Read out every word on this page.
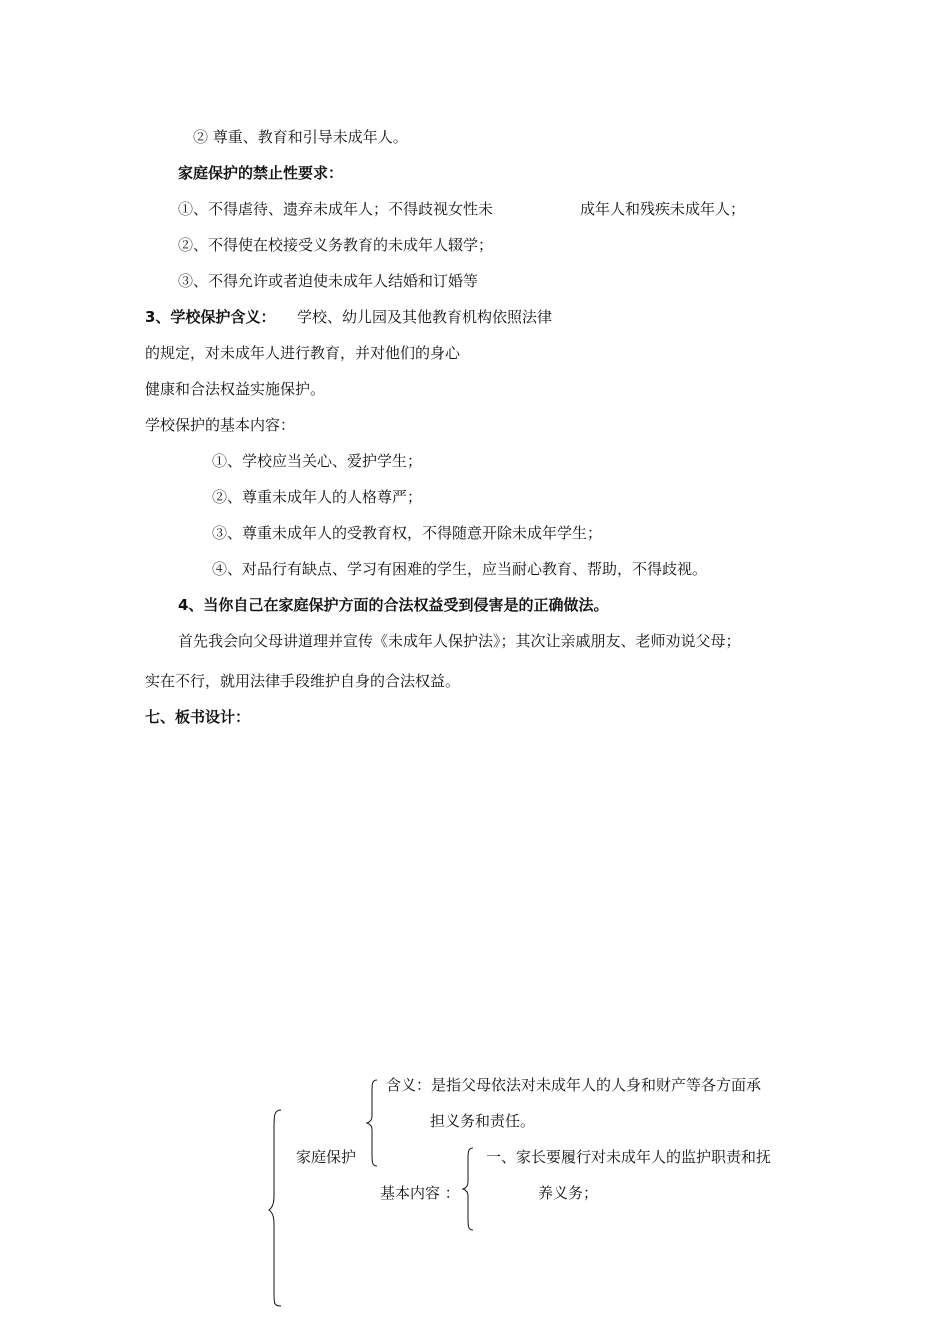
② 尊重、教育和引导未成年人。
家庭保护的禁止性要求：
①、不得虐待、遗弃未成年人；不得歧视女性未	成年人和残疾未成年人；
②、不得使在校接受义务教育的未成年人辍学；
③、不得允许或者迫使未成年人结婚和订婚等
3、学校保护含义： 学校、幼儿园及其他教育机构依照法律
的规定，对未成年人进行教育，并对他们的身心
健康和合法权益实施保护。
学校保护的基本内容：
①、学校应当关心、爱护学生；
②、尊重未成年人的人格尊严；
③、尊重未成年人的受教育权，不得随意开除未成年学生；
④、对品行有缺点、学习有困难的学生，应当耐心教育、帮助，不得歧视。
4、当你自己在家庭保护方面的合法权益受到侵害是的正确做法。
首先我会向父母讲道理并宣传《未成年人保护法》；其次让亲戚朋友、老师劝说父母；
实在不行，就用法律手段维护自身的合法权益。
七、板书设计：
家庭保护
含义：是指父母依法对未成年人的人身和财产等各方面承
担义务和责任。
基本内容 ：
一、家长要履行对未成年人的监护职责和抚
养义务；
